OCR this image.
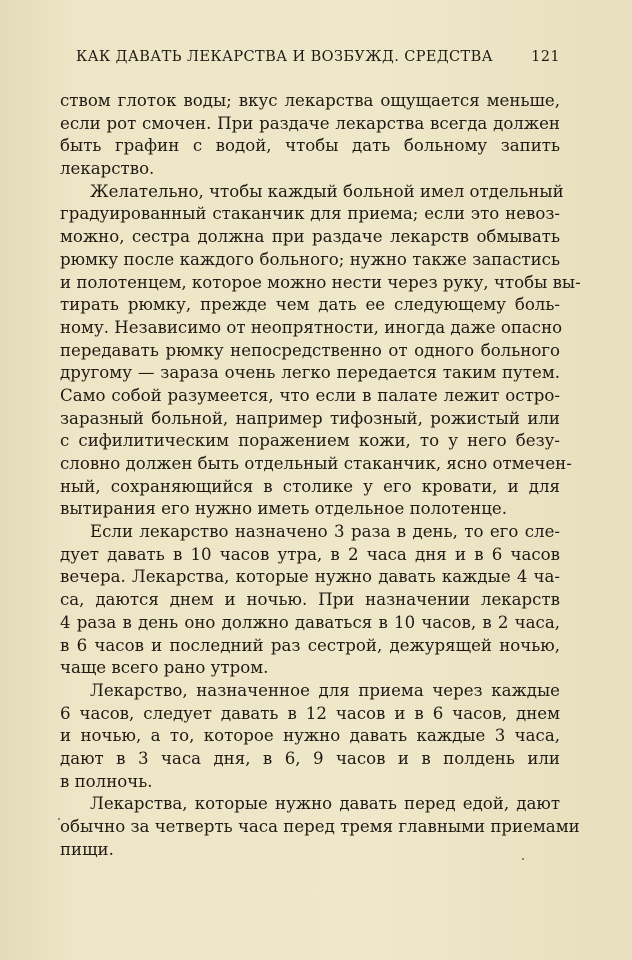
КАК ДАВАТЬ ЛЕКАРСТВА И ВОЗБУЖД. СРЕДСТВА	121
ством глоток воды; вкус лекарства ощущается меньше,
если рот смочен. При раздаче лекарства всегда должен
быть графин с водой, чтобы дать больному запить
лекарство.
Желательно, чтобы каждый больной имел отдельный
градуированный стаканчик для приема; если это невоз-
можно, сестра должна при раздаче лекарств обмывать
рюмку после каждого больного; нужно также запастись
и полотенцем, которое можно нести через руку, чтобы вы-
тирать рюмку, прежде чем дать ее следующему боль-
ному. Независимо от неопрятности, иногда даже опасно
передавать рюмку непосредственно от одного больного
другому — зараза очень легко передается таким путем.
Само собой разумеется, что если в палате лежит остро-
заразный больной, например тифозный, рожистый или
с сифилитическим поражением кожи, то у него безу-
словно должен быть отдельный стаканчик, ясно отмечен-
ный, сохраняющийся в столике у его кровати, и для
вытирания его нужно иметь отдельное полотенце.
Если лекарство назначено 3 раза в день, то его сле-
дует давать в 10 часов утра, в 2 часа дня и в 6 часов
вечера. Лекарства, которые нужно давать каждые 4 ча-
са, даются днем и ночью. При назначении лекарств
4 раза в день оно должно даваться в 10 часов, в 2 часа,
в 6 часов и последний раз сестрой, дежурящей ночью,
чаще всего рано утром.
Лекарство, назначенное для приема через каждые
6 часов, следует давать в 12 часов и в 6 часов, днем
и ночью, а то, которое нужно давать каждые 3 часа,
дают в 3 часа дня, в 6, 9 часов и в полдень или
в полночь.
Лекарства, которые нужно давать перед едой, дают
обычно за четверть часа перед тремя главными приемами
пищи.
